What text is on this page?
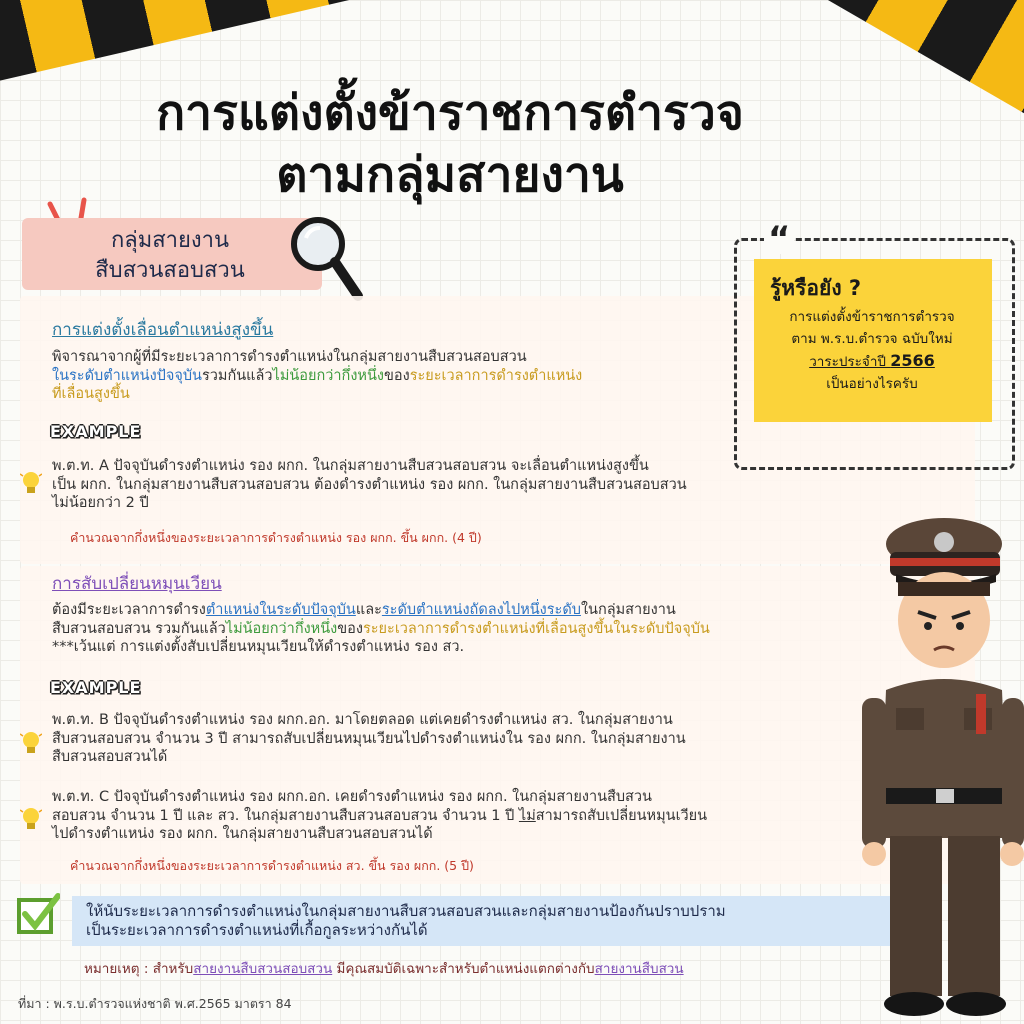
การแต่งตั้งข้าราชการตำรวจ
ตามกลุ่มสายงาน
กลุ่มสายงาน
สืบสวนสอบสวน
การแต่งตั้งเลื่อนตำแหน่งสูงขึ้น
พิจารณาจากผู้ที่มีระยะเวลาการดำรงตำแหน่งในกลุ่มสายงานสืบสวนสอบสวน
ในระดับตำแหน่งปัจจุบันรวมกันแล้วไม่น้อยกว่ากึ่งหนึ่งของระยะเวลาการดำรงตำแหน่ง
ที่เลื่อนสูงขึ้น
EXAMPLE
พ.ต.ท. A ปัจจุบันดำรงตำแหน่ง รอง ผกก. ในกลุ่มสายงานสืบสวนสอบสวน จะเลื่อนตำแหน่งสูงขึ้น
เป็น ผกก. ในกลุ่มสายงานสืบสวนสอบสวน ต้องดำรงตำแหน่ง รอง ผกก. ในกลุ่มสายงานสืบสวนสอบสวน
ไม่น้อยกว่า 2 ปี
คำนวณจากกึ่งหนึ่งของระยะเวลาการดำรงตำแหน่ง รอง ผกก. ขึ้น ผกก. (4 ปี)
การสับเปลี่ยนหมุนเวียน
ต้องมีระยะเวลาการดำรงตำแหน่งในระดับปัจจุบันและระดับตำแหน่งถัดลงไปหนึ่งระดับในกลุ่มสายงาน
สืบสวนสอบสวน รวมกันแล้วไม่น้อยกว่ากึ่งหนึ่งของระยะเวลาการดำรงตำแหน่งที่เลื่อนสูงขึ้นในระดับปัจจุบัน
***เว้นแต่ การแต่งตั้งสับเปลี่ยนหมุนเวียนให้ดำรงตำแหน่ง รอง สว.
EXAMPLE
พ.ต.ท. B ปัจจุบันดำรงตำแหน่ง รอง ผกก.อก. มาโดยตลอด แต่เคยดำรงตำแหน่ง สว. ในกลุ่มสายงาน
สืบสวนสอบสวน จำนวน 3 ปี สามารถสับเปลี่ยนหมุนเวียนไปดำรงตำแหน่งใน รอง ผกก. ในกลุ่มสายงาน
สืบสวนสอบสวนได้
พ.ต.ท. C ปัจจุบันดำรงตำแหน่ง รอง ผกก.อก. เคยดำรงตำแหน่ง รอง ผกก. ในกลุ่มสายงานสืบสวน
สอบสวน จำนวน 1 ปี และ สว. ในกลุ่มสายงานสืบสวนสอบสวน จำนวน 1 ปี ไม่สามารถสับเปลี่ยนหมุนเวียน
ไปดำรงตำแหน่ง รอง ผกก. ในกลุ่มสายงานสืบสวนสอบสวนได้
คำนวณจากกึ่งหนึ่งของระยะเวลาการดำรงตำแหน่ง สว. ขึ้น รอง ผกก. (5 ปี)
“
รู้หรือยัง ?
การแต่งตั้งข้าราชการตำรวจ
ตาม พ.ร.บ.ตำรวจ ฉบับใหม่
วาระประจำปี 2566
เป็นอย่างไรครับ
ให้นับระยะเวลาการดำรงตำแหน่งในกลุ่มสายงานสืบสวนสอบสวนและกลุ่มสายงานป้องกันปราบปราม
เป็นระยะเวลาการดำรงตำแหน่งที่เกื้อกูลระหว่างกันได้
หมายเหตุ : สำหรับสายงานสืบสวนสอบสวน มีคุณสมบัติเฉพาะสำหรับตำแหน่งแตกต่างกับสายงานสืบสวน
ที่มา : พ.ร.บ.ตำรวจแห่งชาติ พ.ศ.2565 มาตรา 84
